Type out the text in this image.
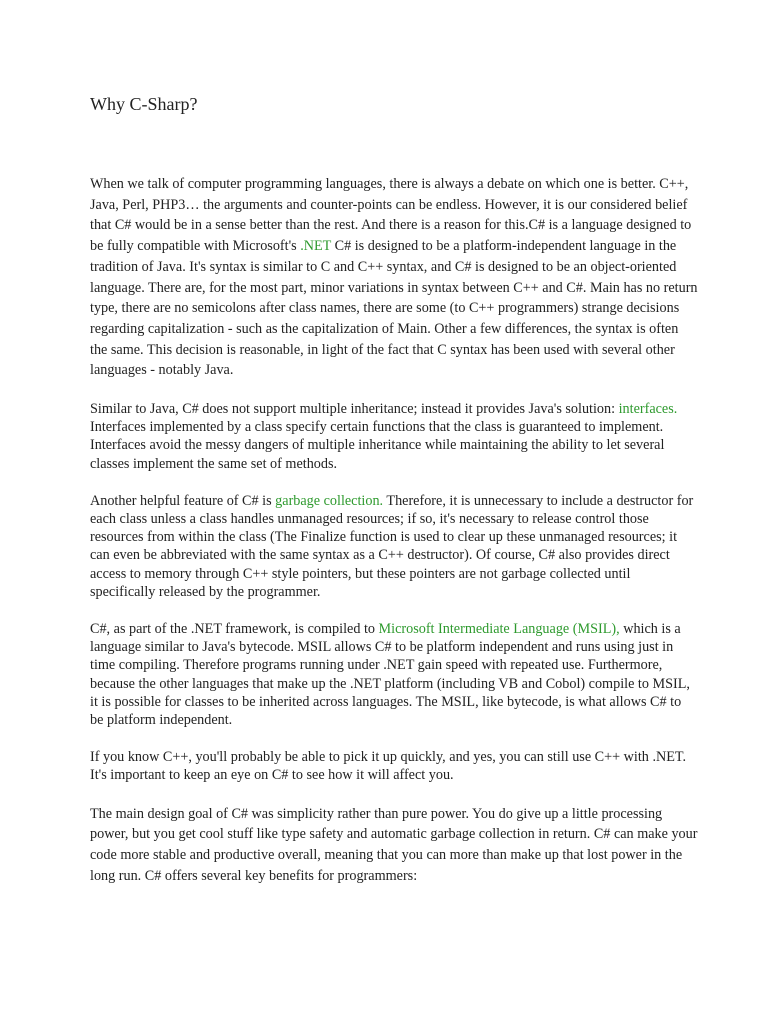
Why C-Sharp?

When we talk of computer programming languages, there is always a debate on which one is better. C++, Java, Perl, PHP3… the arguments and counter-points can be endless. However, it is our considered belief that C# would be in a sense better than the rest. And there is a reason for this.C# is a language designed to be fully compatible with Microsoft's .NET C# is designed to be a platform-independent language in the tradition of Java. It's syntax is similar to C and C++ syntax, and C# is designed to be an object-oriented language. There are, for the most part, minor variations in syntax between C++ and C#. Main has no return type, there are no semicolons after class names, there are some (to C++ programmers) strange decisions regarding capitalization - such as the capitalization of Main. Other a few differences, the syntax is often the same. This decision is reasonable, in light of the fact that C syntax has been used with several other languages - notably Java.

Similar to Java, C# does not support multiple inheritance; instead it provides Java's solution: interfaces. Interfaces implemented by a class specify certain functions that the class is guaranteed to implement. Interfaces avoid the messy dangers of multiple inheritance while maintaining the ability to let several classes implement the same set of methods.

Another helpful feature of C# is garbage collection. Therefore, it is unnecessary to include a destructor for each class unless a class handles unmanaged resources; if so, it's necessary to release control those resources from within the class (The Finalize function is used to clear up these unmanaged resources; it can even be abbreviated with the same syntax as a C++ destructor). Of course, C# also provides direct access to memory through C++ style pointers, but these pointers are not garbage collected until specifically released by the programmer.

C#, as part of the .NET framework, is compiled to Microsoft Intermediate Language (MSIL), which is a language similar to Java's bytecode. MSIL allows C# to be platform independent and runs using just in time compiling. Therefore programs running under .NET gain speed with repeated use. Furthermore, because the other languages that make up the .NET platform (including VB and Cobol) compile to MSIL, it is possible for classes to be inherited across languages. The MSIL, like bytecode, is what allows C# to be platform independent.

If you know C++, you'll probably be able to pick it up quickly, and yes, you can still use C++ with .NET. It's important to keep an eye on C# to see how it will affect you.

The main design goal of C# was simplicity rather than pure power. You do give up a little processing power, but you get cool stuff like type safety and automatic garbage collection in return. C# can make your code more stable and productive overall, meaning that you can more than make up that lost power in the long run. C# offers several key benefits for programmers:
